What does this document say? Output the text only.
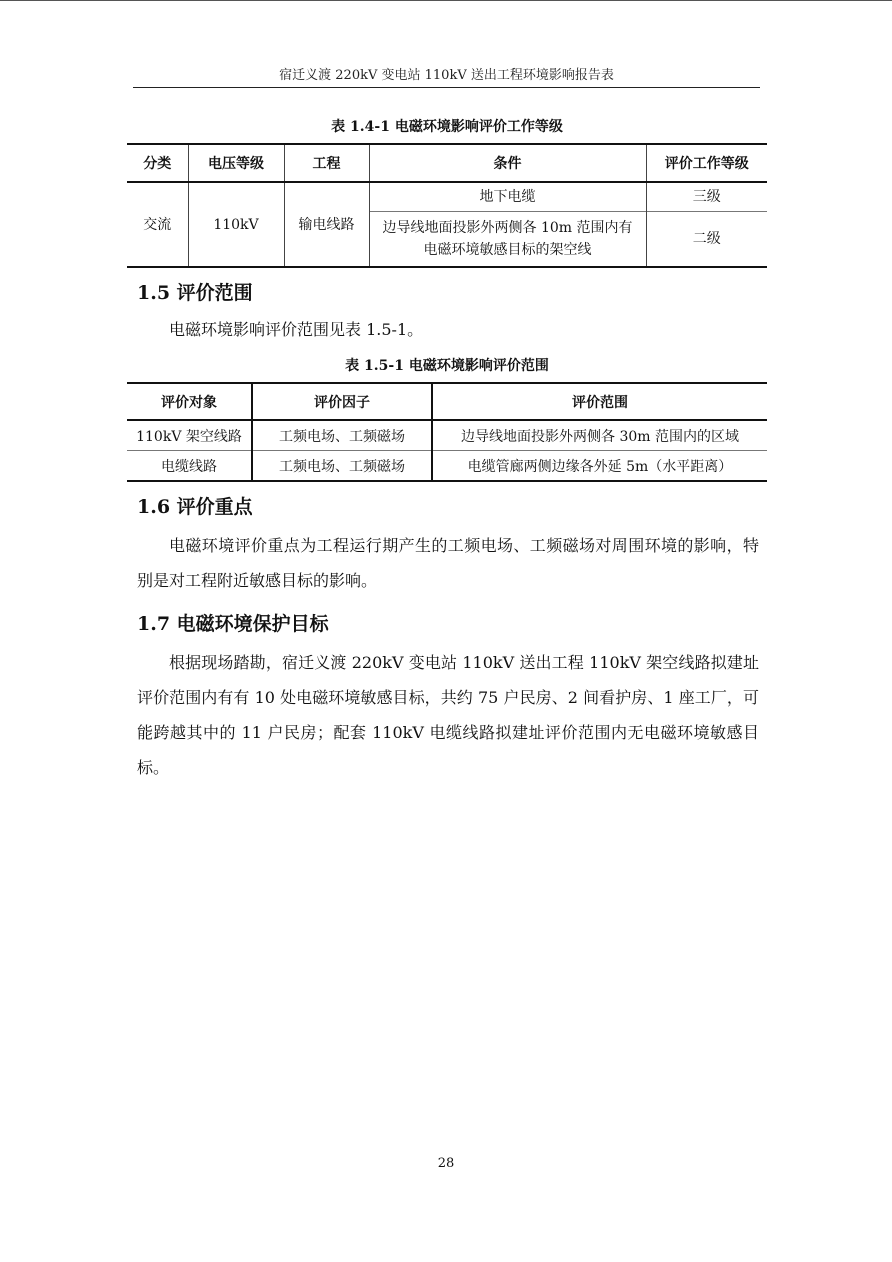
宿迁义渡 220kV 变电站 110kV 送出工程环境影响报告表
表 1.4-1 电磁环境影响评价工作等级
分类	电压等级	工程	条件	评价工作等级
交流	110kV	输电线路	地下电缆	三级
			边导线地面投影外两侧各 10m 范围内有电磁环境敏感目标的架空线	二级
1.5 评价范围
电磁环境影响评价范围见表 1.5-1。
表 1.5-1 电磁环境影响评价范围
评价对象	评价因子	评价范围
110kV 架空线路	工频电场、工频磁场	边导线地面投影外两侧各 30m 范围内的区域
电缆线路	工频电场、工频磁场	电缆管廊两侧边缘各外延 5m（水平距离）
1.6 评价重点
电磁环境评价重点为工程运行期产生的工频电场、工频磁场对周围环境的影响，特别是对工程附近敏感目标的影响。
1.7 电磁环境保护目标
根据现场踏勘，宿迁义渡 220kV 变电站 110kV 送出工程 110kV 架空线路拟建址评价范围内有有 10 处电磁环境敏感目标，共约 75 户民房、2 间看护房、1 座工厂，可能跨越其中的 11 户民房；配套 110kV 电缆线路拟建址评价范围内无电磁环境敏感目标。
28
